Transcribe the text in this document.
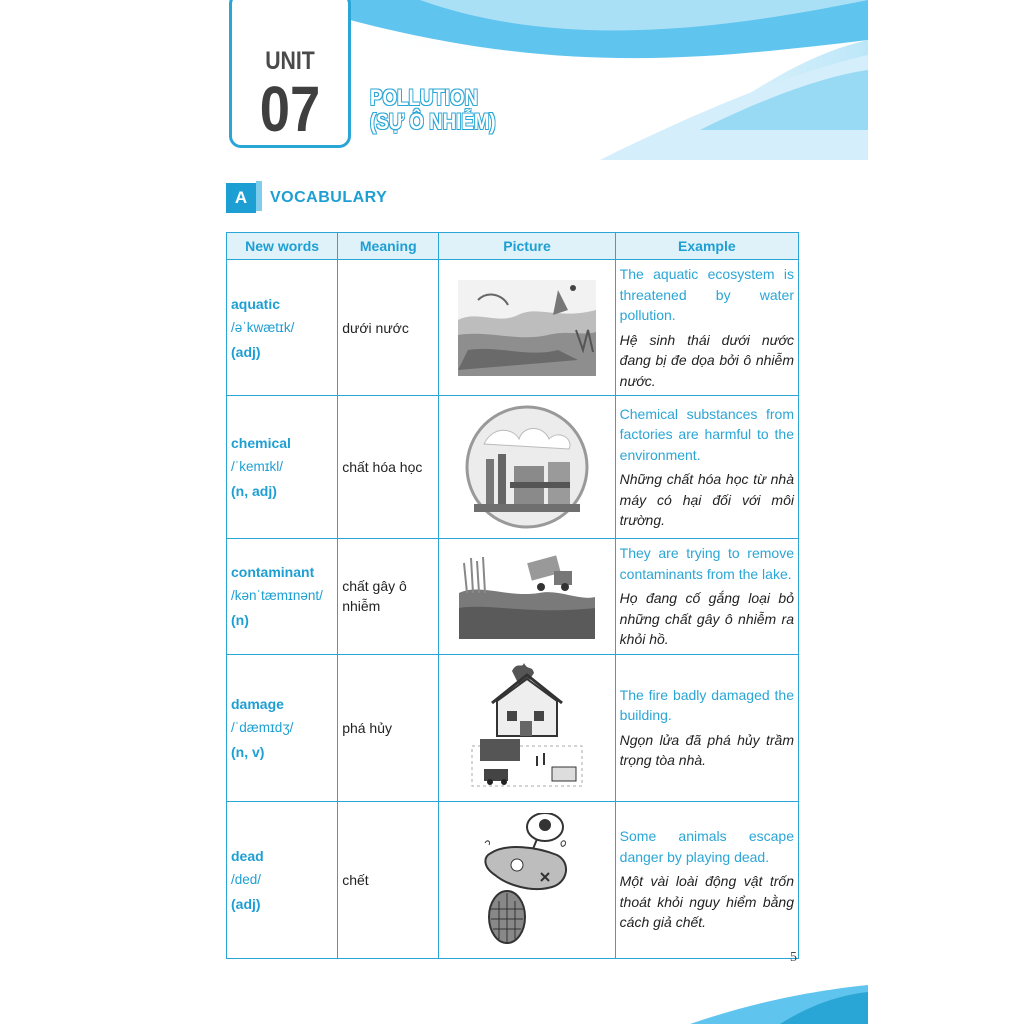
UNIT
07	POLLUTION
(SỰ Ô NHIỄM)
A	VOCABULARY
New words	Meaning	Picture	Example

aquatic
/əˈkwætɪk/
(adj)	dưới nước		The aquatic ecosystem is threatened by water pollution.
Hệ sinh thái dưới nước đang bị đe dọa bởi ô nhiễm nước.

chemical
/ˈkemɪkl/
(n, adj)	chất hóa học		Chemical substances from factories are harmful to the environment.
Những chất hóa học từ nhà máy có hại đối với môi trường.

contaminant
/kənˈtæmɪnənt/
(n)	chất gây ô nhiễm		They are trying to remove contaminants from the lake.
Họ đang cố gắng loại bỏ những chất gây ô nhiễm ra khỏi hồ.

damage
/ˈdæmɪdʒ/
(n, v)	phá hủy		The fire badly damaged the building.
Ngọn lửa đã phá hủy trầm trọng tòa nhà.

dead
/ded/
(adj)	chết		Some animals escape danger by playing dead.
Một vài loài động vật trốn thoát khỏi nguy hiểm bằng cách giả chết.
5
